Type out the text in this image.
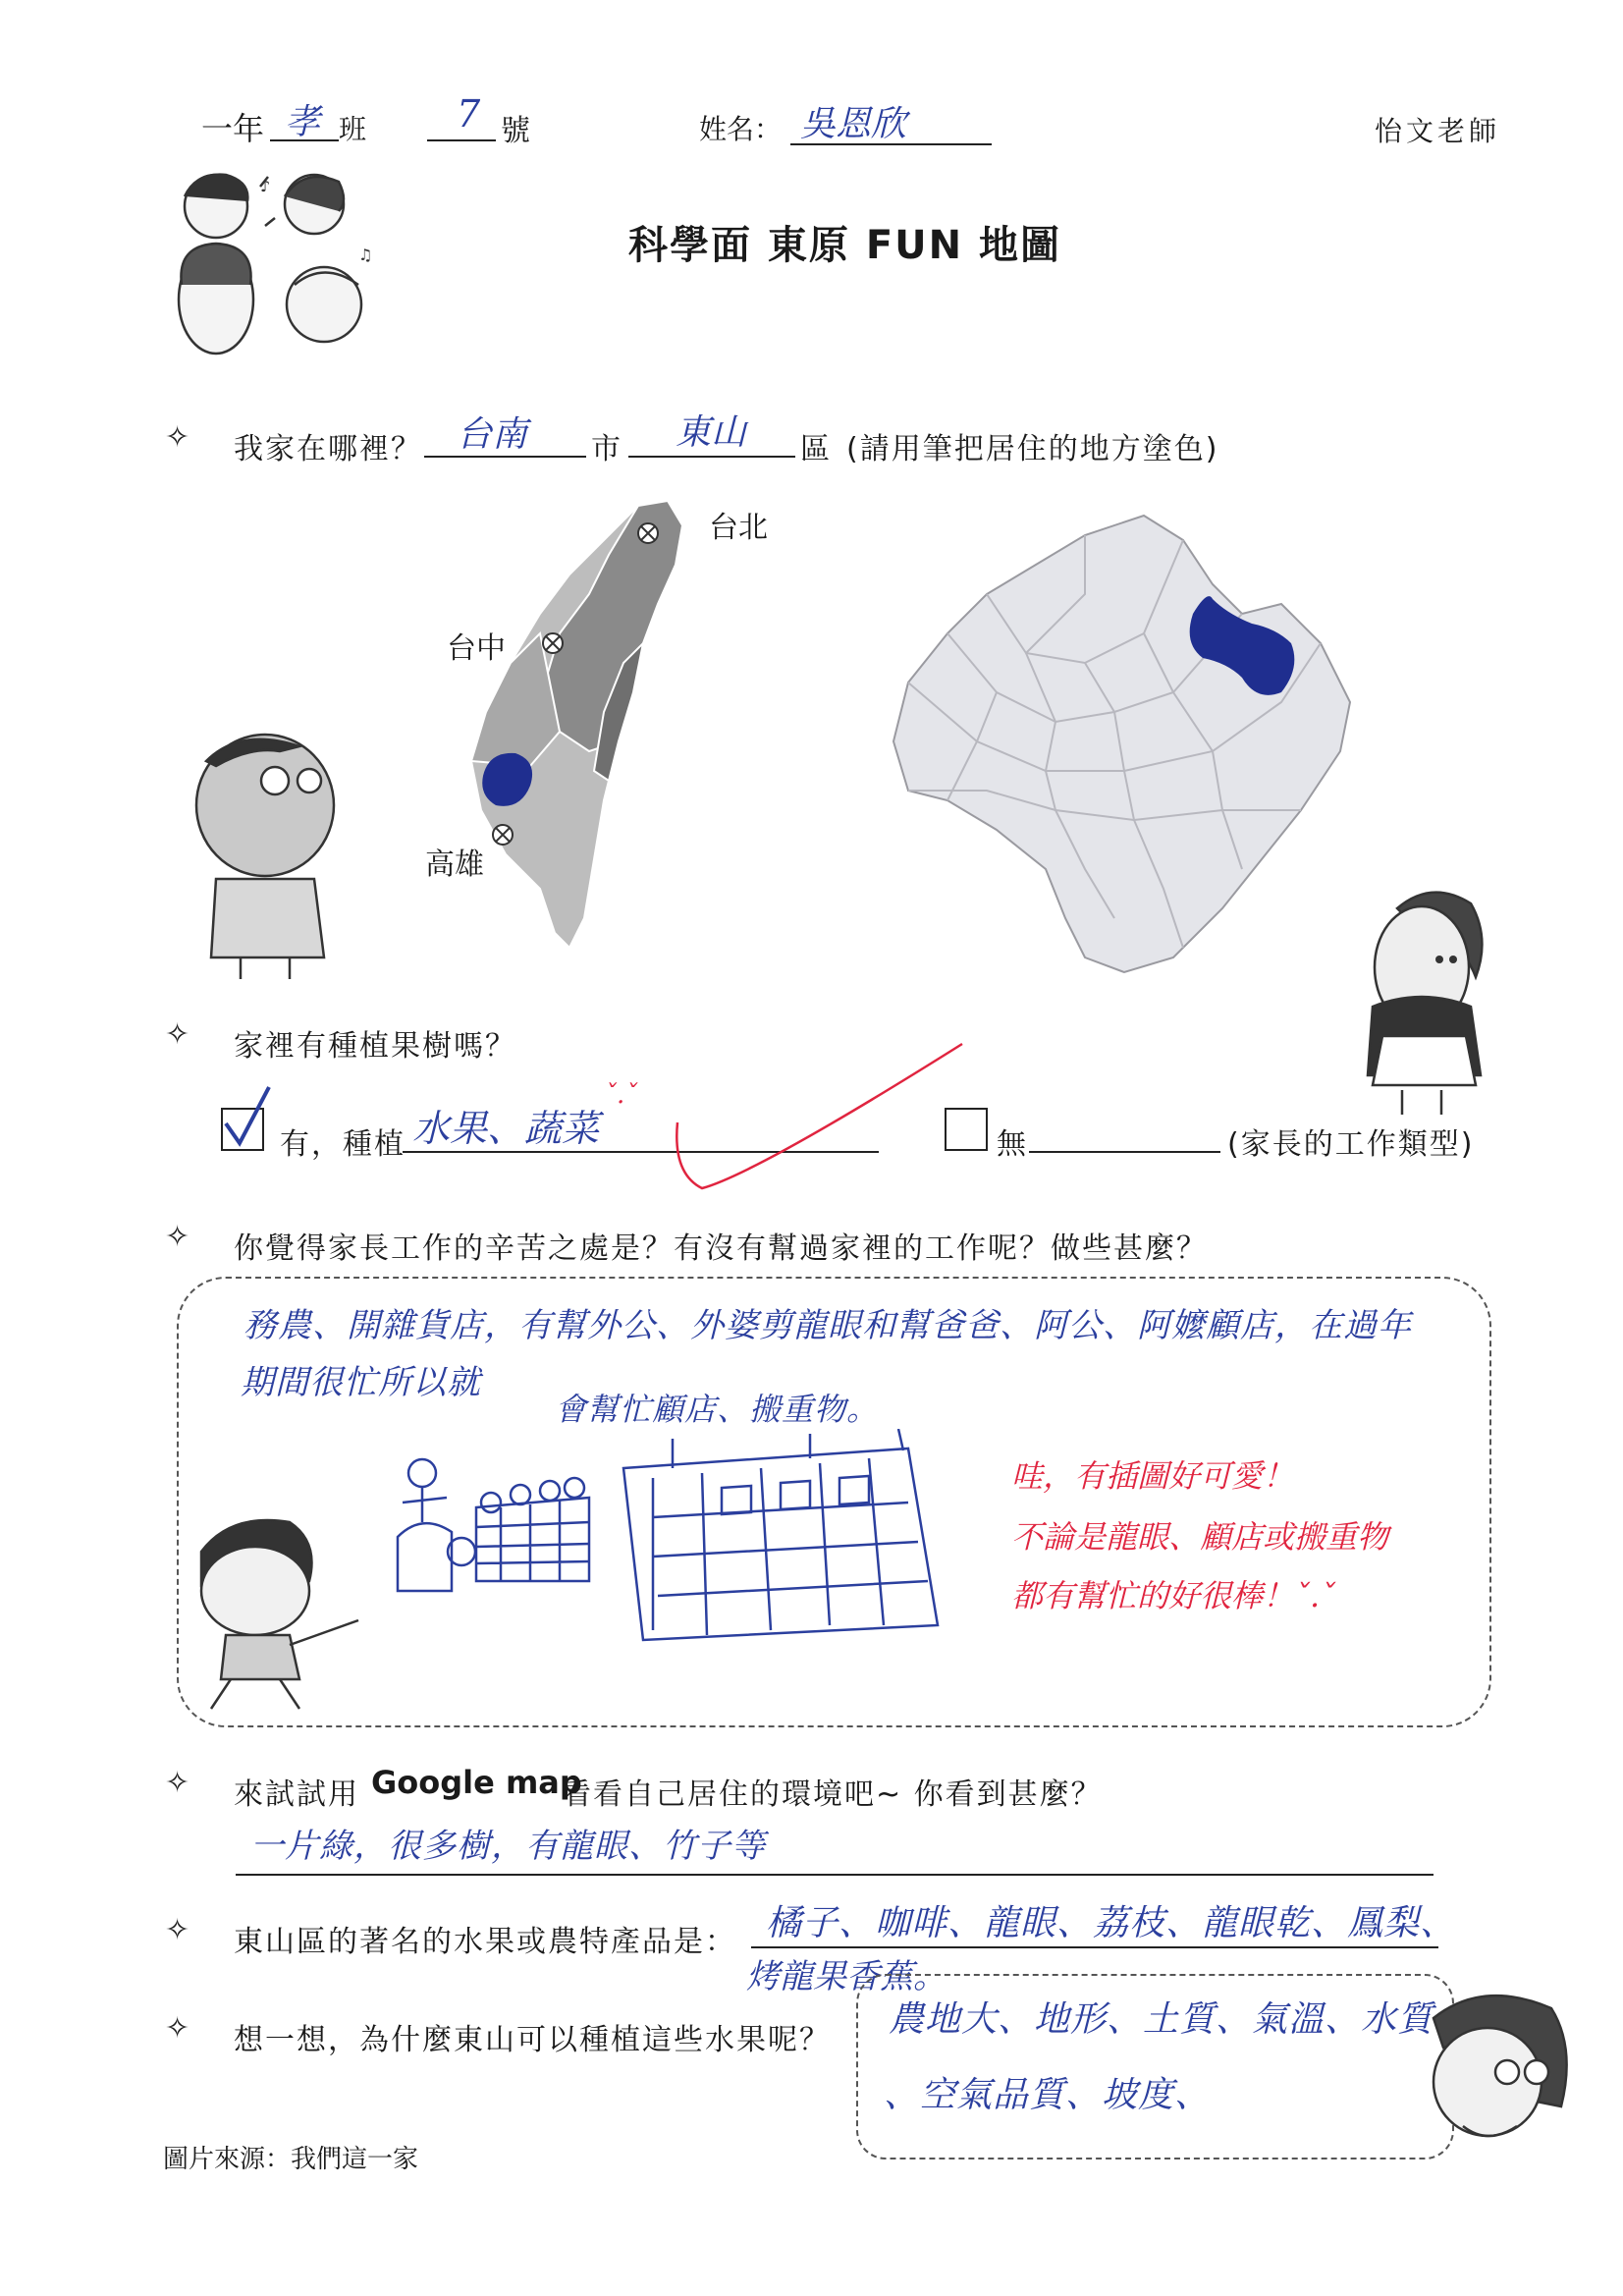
一年 孝 班 7 號	姓名： 吳恩欣	怡文老師
♪
♫	科學面 東原 FUN 地圖
✧ 我家在哪裡？ 台南 市 東山 區 (請用筆把居住的地方塗色)
台北
台中
高雄
✧ 家裡有種植果樹嗎？
有，種植 水果、蔬菜
ˇ.ˇ
無	(家長的工作類型)
✧ 你覺得家長工作的辛苦之處是？有沒有幫過家裡的工作呢？做些甚麼？
務農、開雜貨店，有幫外公、外婆剪龍眼和幫爸爸、阿公、阿嬤顧店，在過年
期間很忙所以就
會幫忙顧店、搬重物。
哇，有插圖好可愛！
不論是龍眼、顧店或搬重物
都有幫忙的好很棒！ˇ.ˇ
✧ 來試試用 Google map
看看自己居住的環境吧~ 你看到甚麼？
一片綠，很多樹，有龍眼、竹子等
✧ 東山區的著名的水果或農特產品是： 橘子、咖啡、龍眼、荔枝、龍眼乾、鳳梨、
烤龍果香蕉。
✧ 想一想，為什麼東山可以種植這些水果呢？
農地大、地形、土質、氣溫、水質
、空氣品質、坡度、
圖片來源：我們這一家
